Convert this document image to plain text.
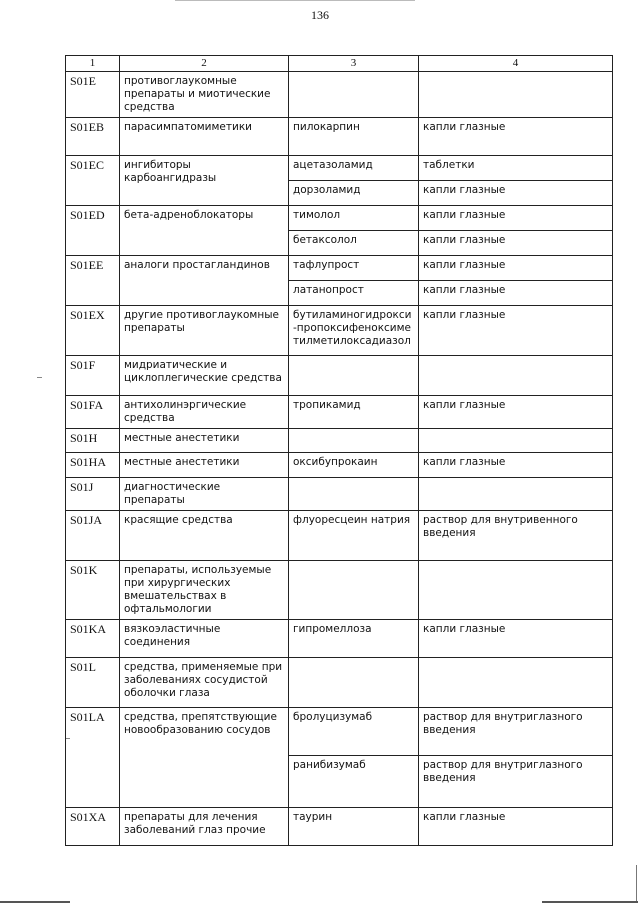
136
1	2	3	4
S01E	противоглаукомные препараты и миотические средства		
S01EB	парасимпатомиметики	пилокарпин	капли глазные
S01EC	ингибиторы карбоангидразы	ацетазоламид	таблетки
		дорзоламид	капли глазные
S01ED	бета-адреноблокаторы	тимолол	капли глазные
		бетаксолол	капли глазные
S01EE	аналоги простагландинов	тафлупрост	капли глазные
		латанопрост	капли глазные
S01EX	другие противоглаукомные препараты	бутиламиногидрокси-пропоксифеноксиметилметилоксадиазол	капли глазные
S01F	мидриатические и циклоплегические средства		
S01FA	антихолинэргические средства	тропикамид	капли глазные
S01H	местные анестетики		
S01HA	местные анестетики	оксибупрокаин	капли глазные
S01J	диагностические препараты		
S01JA	красящие средства	флуоресцеин натрия	раствор для внутривенного введения
S01K	препараты, используемые при хирургических вмешательствах в офтальмологии		
S01KA	вязкоэластичные соединения	гипромеллоза	капли глазные
S01L	средства, применяемые при заболеваниях сосудистой оболочки глаза		
S01LA	средства, препятствующие новообразованию сосудов	бролуцизумаб	раствор для внутриглазного введения
		ранибизумаб	раствор для внутриглазного введения
S01XA	препараты для лечения заболеваний глаз прочие	таурин	капли глазные
